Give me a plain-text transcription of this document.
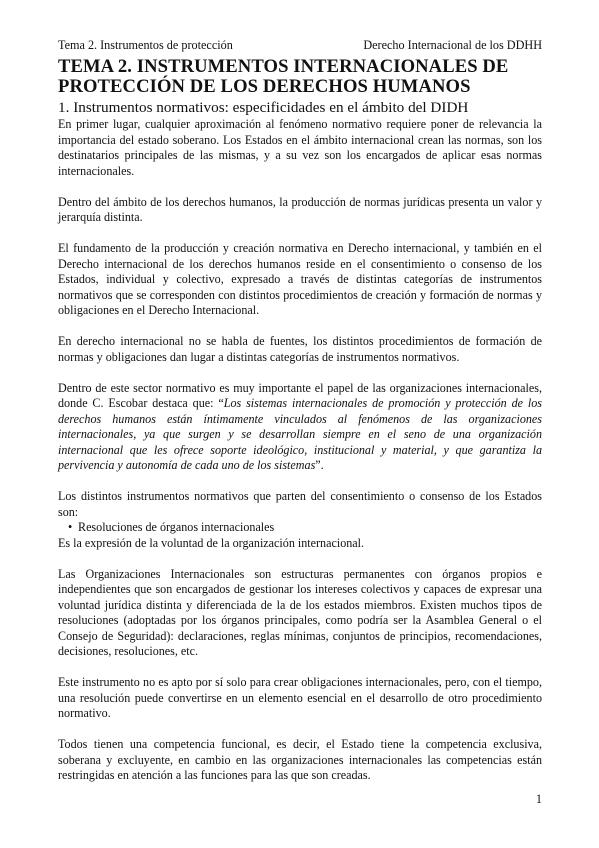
Tema 2. Instrumentos de protección	Derecho Internacional de los DDHH
TEMA 2. INSTRUMENTOS INTERNACIONALES DE
PROTECCIÓN DE LOS DERECHOS HUMANOS
1. Instrumentos normativos: especificidades en el ámbito del DIDH

En primer lugar, cualquier aproximación al fenómeno normativo requiere poner de relevancia la importancia del estado soberano. Los Estados en el ámbito internacional crean las normas, son los destinatarios principales de las mismas, y a su vez son los encargados de aplicar esas normas internacionales.

Dentro del ámbito de los derechos humanos, la producción de normas jurídicas presenta un valor y jerarquía distinta.

El fundamento de la producción y creación normativa en Derecho internacional, y también en el Derecho internacional de los derechos humanos reside en el consentimiento o consenso de los Estados, individual y colectivo, expresado a través de distintas categorías de instrumentos normativos que se corresponden con distintos procedimientos de creación y formación de normas y obligaciones en el Derecho Internacional.

En derecho internacional no se habla de fuentes, los distintos procedimientos de formación de normas y obligaciones dan lugar a distintas categorías de instrumentos normativos.

Dentro de este sector normativo es muy importante el papel de las organizaciones internacionales, donde C. Escobar destaca que: “Los sistemas internacionales de promoción y protección de los derechos humanos están íntimamente vinculados al fenómenos de las organizaciones internacionales, ya que surgen y se desarrollan siempre en el seno de una organización internacional que les ofrece soporte ideológico, institucional y material, y que garantiza la pervivencia y autonomía de cada uno de los sistemas”.

Los distintos instrumentos normativos que parten del consentimiento o consenso de los Estados son:

• Resoluciones de órganos internacionales

Es la expresión de la voluntad de la organización internacional.

Las Organizaciones Internacionales son estructuras permanentes con órganos propios e independientes que son encargados de gestionar los intereses colectivos y capaces de expresar una voluntad jurídica distinta y diferenciada de la de los estados miembros. Existen muchos tipos de resoluciones (adoptadas por los órganos principales, como podría ser la Asamblea General o el Consejo de Seguridad): declaraciones, reglas mínimas, conjuntos de principios, recomendaciones, decisiones, resoluciones, etc.

Este instrumento no es apto por sí solo para crear obligaciones internacionales, pero, con el tiempo, una resolución puede convertirse en un elemento esencial en el desarrollo de otro procedimiento normativo.

Todos tienen una competencia funcional, es decir, el Estado tiene la competencia exclusiva, soberana y excluyente, en cambio en las organizaciones internacionales las competencias están restringidas en atención a las funciones para las que son creadas.

1
